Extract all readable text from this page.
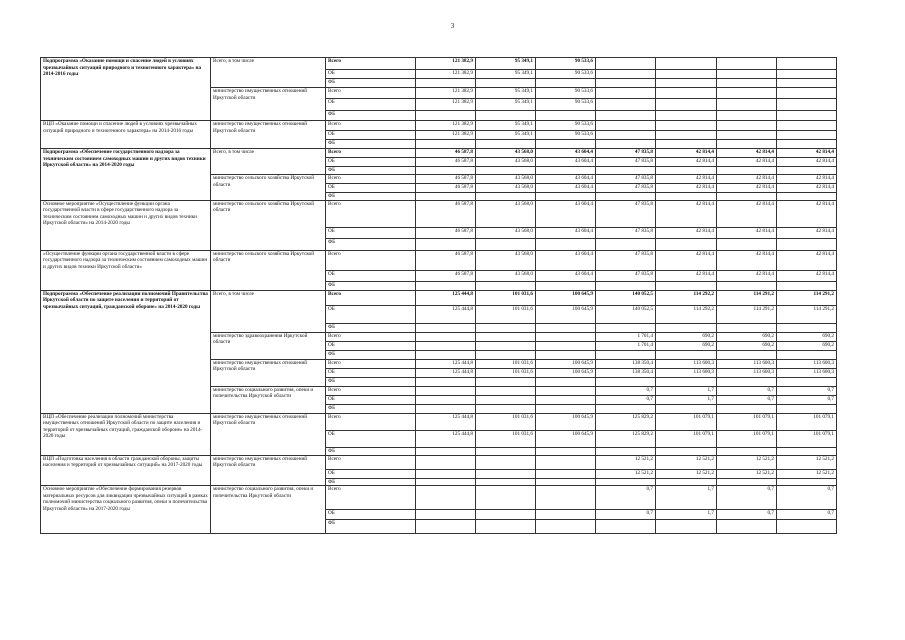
3
Подпрограмма «Оказание помощи и спасение людей в условиях чрезвычайных ситуаций природного и техногенного характера» на 2014-2016 годы	Всего, в том числе	Всего	121 382,9	95 349,1	90 533,6				
		ОБ	121 382,9	95 349,1	90 533,6				
		ФБ							
	министерство имущественных отношений Иркутской области	Всего	121 382,9	95 349,1	90 533,6				
		ОБ	121 382,9	95 349,1	90 533,6				
		ФБ							
ВЦП «Оказание помощи и спасение людей в условиях чрезвычайных ситуаций природного и техногенного характера» на 2014-2016 годы	министерство имущественных отношений Иркутской области	Всего	121 382,9	95 349,1	90 533,6				
		ОБ	121 382,9	95 349,1	90 533,6				
		ФБ							
Подпрограмма «Обеспечение государственного надзора за техническим состоянием самоходных машин и других видов техники Иркутской области» на 2014-2020 годы	Всего, в том числе	Всего	46 587,8	43 568,0	43 604,4	47 835,8	42 814,4	42 814,4	42 814,4
		ОБ	46 587,8	43 568,0	43 604,4	47 835,8	42 814,4	42 814,4	42 814,4
		ФБ							
	министерство сельского хозяйства Иркутской области	Всего	46 587,8	43 568,0	43 604,4	47 835,8	42 814,4	42 814,4	42 814,4
		ОБ	46 587,8	43 568,0	43 604,4	47 835,8	42 814,4	42 814,4	42 814,4
		ФБ							
Основное мероприятие «Осуществление функции органа государственной власти в сфере государственного надзора за техническим состоянием самоходных машин и других видов техники Иркутской области» на 2014-2020 годы	министерство сельского хозяйства Иркутской области	Всего	46 587,8	43 568,0	43 604,4	47 835,8	42 814,4	42 814,4	42 814,4
		ОБ	46 587,8	43 568,0	43 604,4	47 835,8	42 814,4	42 814,4	42 814,4
		ФБ							
«Осуществление функции органа государственной власти в сфере государственного надзора за техническим состоянием самоходных машин и других видов техники Иркутской области»	министерство сельского хозяйства Иркутской области	Всего	46 587,8	43 568,0	43 604,4	47 835,8	42 814,4	42 814,4	42 814,4
		ОБ	46 587,8	43 568,0	43 604,4	47 835,8	42 814,4	42 814,4	42 814,4
		ФБ							
Подпрограмма «Обеспечение реализации полномочий Правительства Иркутской области по защите населения и территорий от чрезвычайных ситуаций, гражданской обороне» на 2014-2020 годы	Всего, в том числе	Всего	125 444,8	101 031,6	100 645,9	140 052,5	114 292,2	114 291,2	114 291,2
		ОБ	125 444,8	101 031,6	100 645,9	140 052,5	114 292,2	114 291,2	114 291,2
		ФБ							
	министерство здравоохранения Иркутской области	Всего				1 701,4	690,2	690,2	690,2
		ОБ				1 701,4	690,2	690,2	690,2
		ФБ							
	министерство имущественных отношений Иркутской области	Всего	125 444,8	101 031,6	100 645,9	138 350,4	113 600,3	113 600,3	113 600,3
		ОБ	125 444,8	101 031,6	100 645,9	138 350,4	113 600,3	113 600,3	113 600,3
		ФБ							
	министерство социального развития, опеки и попечительства Иркутской области	Всего				0,7	1,7	0,7	0,7
		ОБ				0,7	1,7	0,7	0,7
		ФБ							
ВЦП «Обеспечение реализации полномочий министерства имущественных отношений Иркутской области по защите населения и территорий от чрезвычайных ситуаций, гражданской обороне» на 2014-2020 годы	министерство имущественных отношений Иркутской области	Всего	125 444,8	101 031,6	100 645,9	125 829,2	101 079,1	101 079,1	101 079,1
		ОБ	125 444,8	101 031,6	100 645,9	125 829,2	101 079,1	101 079,1	101 079,1
		ФБ							
ВЦП «Подготовка населения в области гражданской обороны, защиты населения и территорий от чрезвычайных ситуаций» на 2017-2020 годы	министерство имущественных отношений Иркутской области	Всего				12 521,2	12 521,2	12 521,2	12 521,2
		ОБ				12 521,2	12 521,2	12 521,2	12 521,2
		ФБ							
Основное мероприятие «Обеспечение формирования резервов материальных ресурсов для ликвидации чрезвычайных ситуаций в рамках полномочий министерства социального развития, опеки и попечительства Иркутской области» на 2017-2020 годы	министерство социального развития, опеки и попечительства Иркутской области	Всего				0,7	1,7	0,7	0,7
		ОБ				0,7	1,7	0,7	0,7
		ФБ							
